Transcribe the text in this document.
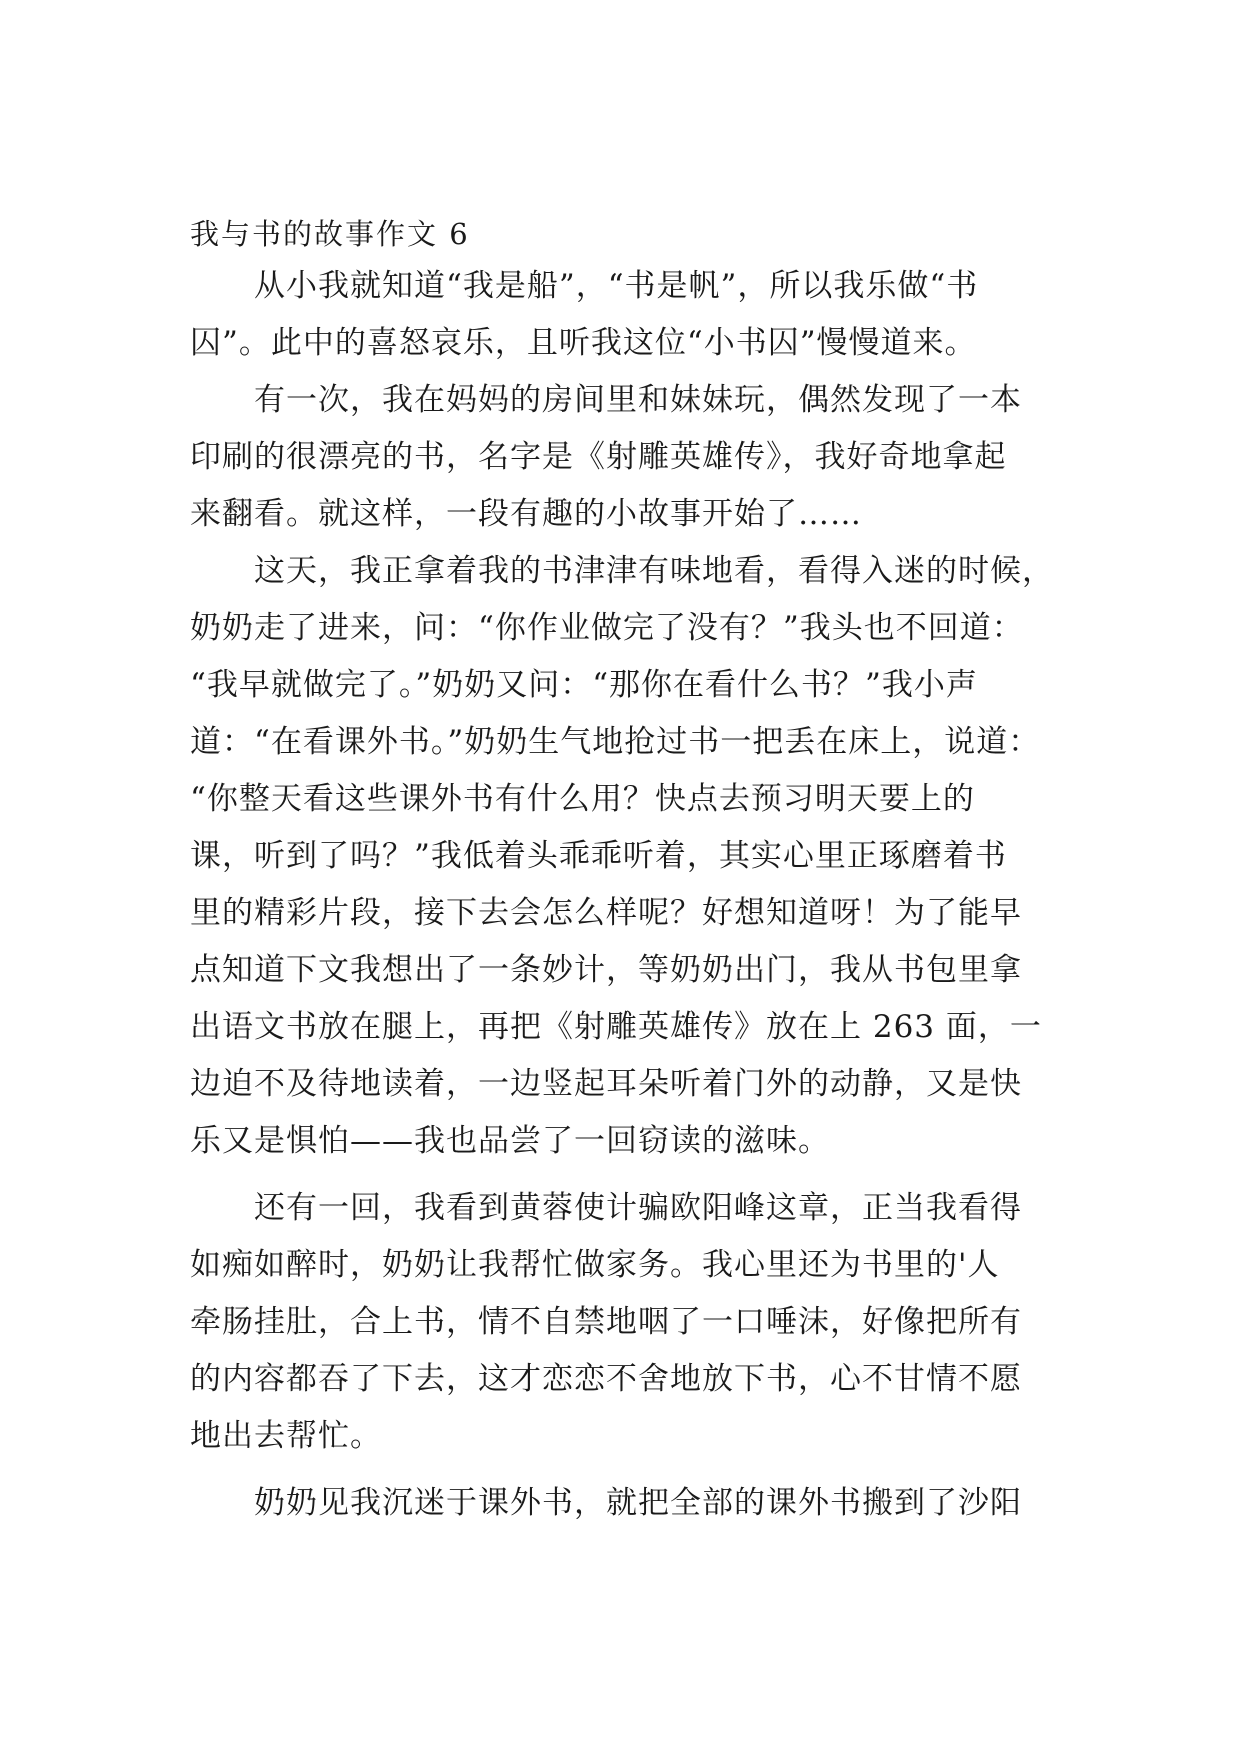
我与书的故事作文 6
　　从小我就知道“我是船”，“书是帆”，所以我乐做“书
囚”。此中的喜怒哀乐，且听我这位“小书囚”慢慢道来。
　　有一次，我在妈妈的房间里和妹妹玩，偶然发现了一本
印刷的很漂亮的书，名字是《射雕英雄传》，我好奇地拿起
来翻看。就这样，一段有趣的小故事开始了……
　　这天，我正拿着我的书津津有味地看，看得入迷的时候，
奶奶走了进来，问：“你作业做完了没有？”我头也不回道：
“我早就做完了。”奶奶又问：“那你在看什么书？”我小声
道：“在看课外书。”奶奶生气地抢过书一把丢在床上，说道：
“你整天看这些课外书有什么用？快点去预习明天要上的
课，听到了吗？”我低着头乖乖听着，其实心里正琢磨着书
里的精彩片段，接下去会怎么样呢？好想知道呀！为了能早
点知道下文我想出了一条妙计，等奶奶出门，我从书包里拿
出语文书放在腿上，再把《射雕英雄传》放在上 263 面，一
边迫不及待地读着，一边竖起耳朵听着门外的动静，又是快
乐又是惧怕——我也品尝了一回窃读的滋味。
　　还有一回，我看到黄蓉使计骗欧阳峰这章，正当我看得
如痴如醉时，奶奶让我帮忙做家务。我心里还为书里的'人
牵肠挂肚，合上书，情不自禁地咽了一口唾沫，好像把所有
的内容都吞了下去，这才恋恋不舍地放下书，心不甘情不愿
地出去帮忙。
　　奶奶见我沉迷于课外书，就把全部的课外书搬到了沙阳
